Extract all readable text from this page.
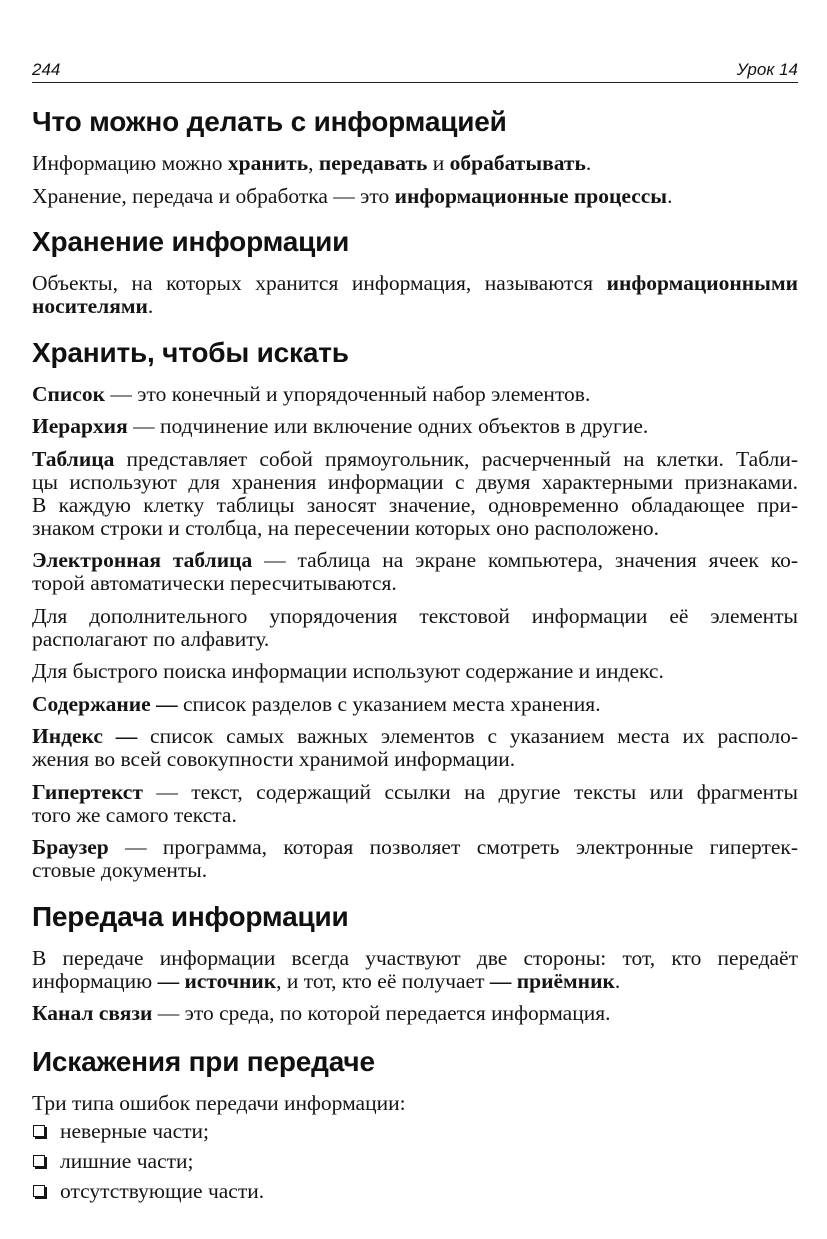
244	Урок 14
Что можно делать с информацией
Информацию можно хранить, передавать и обрабатывать.
Хранение, передача и обработка — это информационные процессы.
Хранение информации
Объекты, на которых хранится информация, называются информационными
носителями.
Хранить, чтобы искать
Список — это конечный и упорядоченный набор элементов.
Иерархия — подчинение или включение одних объектов в другие.
Таблица представляет собой прямоугольник, расчерченный на клетки. Табли-
цы используют для хранения информации с двумя характерными признаками.
В каждую клетку таблицы заносят значение, одновременно обладающее при-
знаком строки и столбца, на пересечении которых оно расположено.
Электронная таблица — таблица на экране компьютера, значения ячеек ко-
торой автоматически пересчитываются.
Для дополнительного упорядочения текстовой информации её элементы
располагают по алфавиту.
Для быстрого поиска информации используют содержание и индекс.
Содержание — список разделов с указанием места хранения.
Индекс — список самых важных элементов с указанием места их располо-
жения во всей совокупности хранимой информации.
Гипертекст — текст, содержащий ссылки на другие тексты или фрагменты
того же самого текста.
Браузер — программа, которая позволяет смотреть электронные гипертек-
стовые документы.
Передача информации
В передаче информации всегда участвуют две стороны: тот, кто передаёт
информацию — источник, и тот, кто её получает — приёмник.
Канал связи — это среда, по которой передается информация.
Искажения при передаче
Три типа ошибок передачи информации:
неверные части;
лишние части;
отсутствующие части.
